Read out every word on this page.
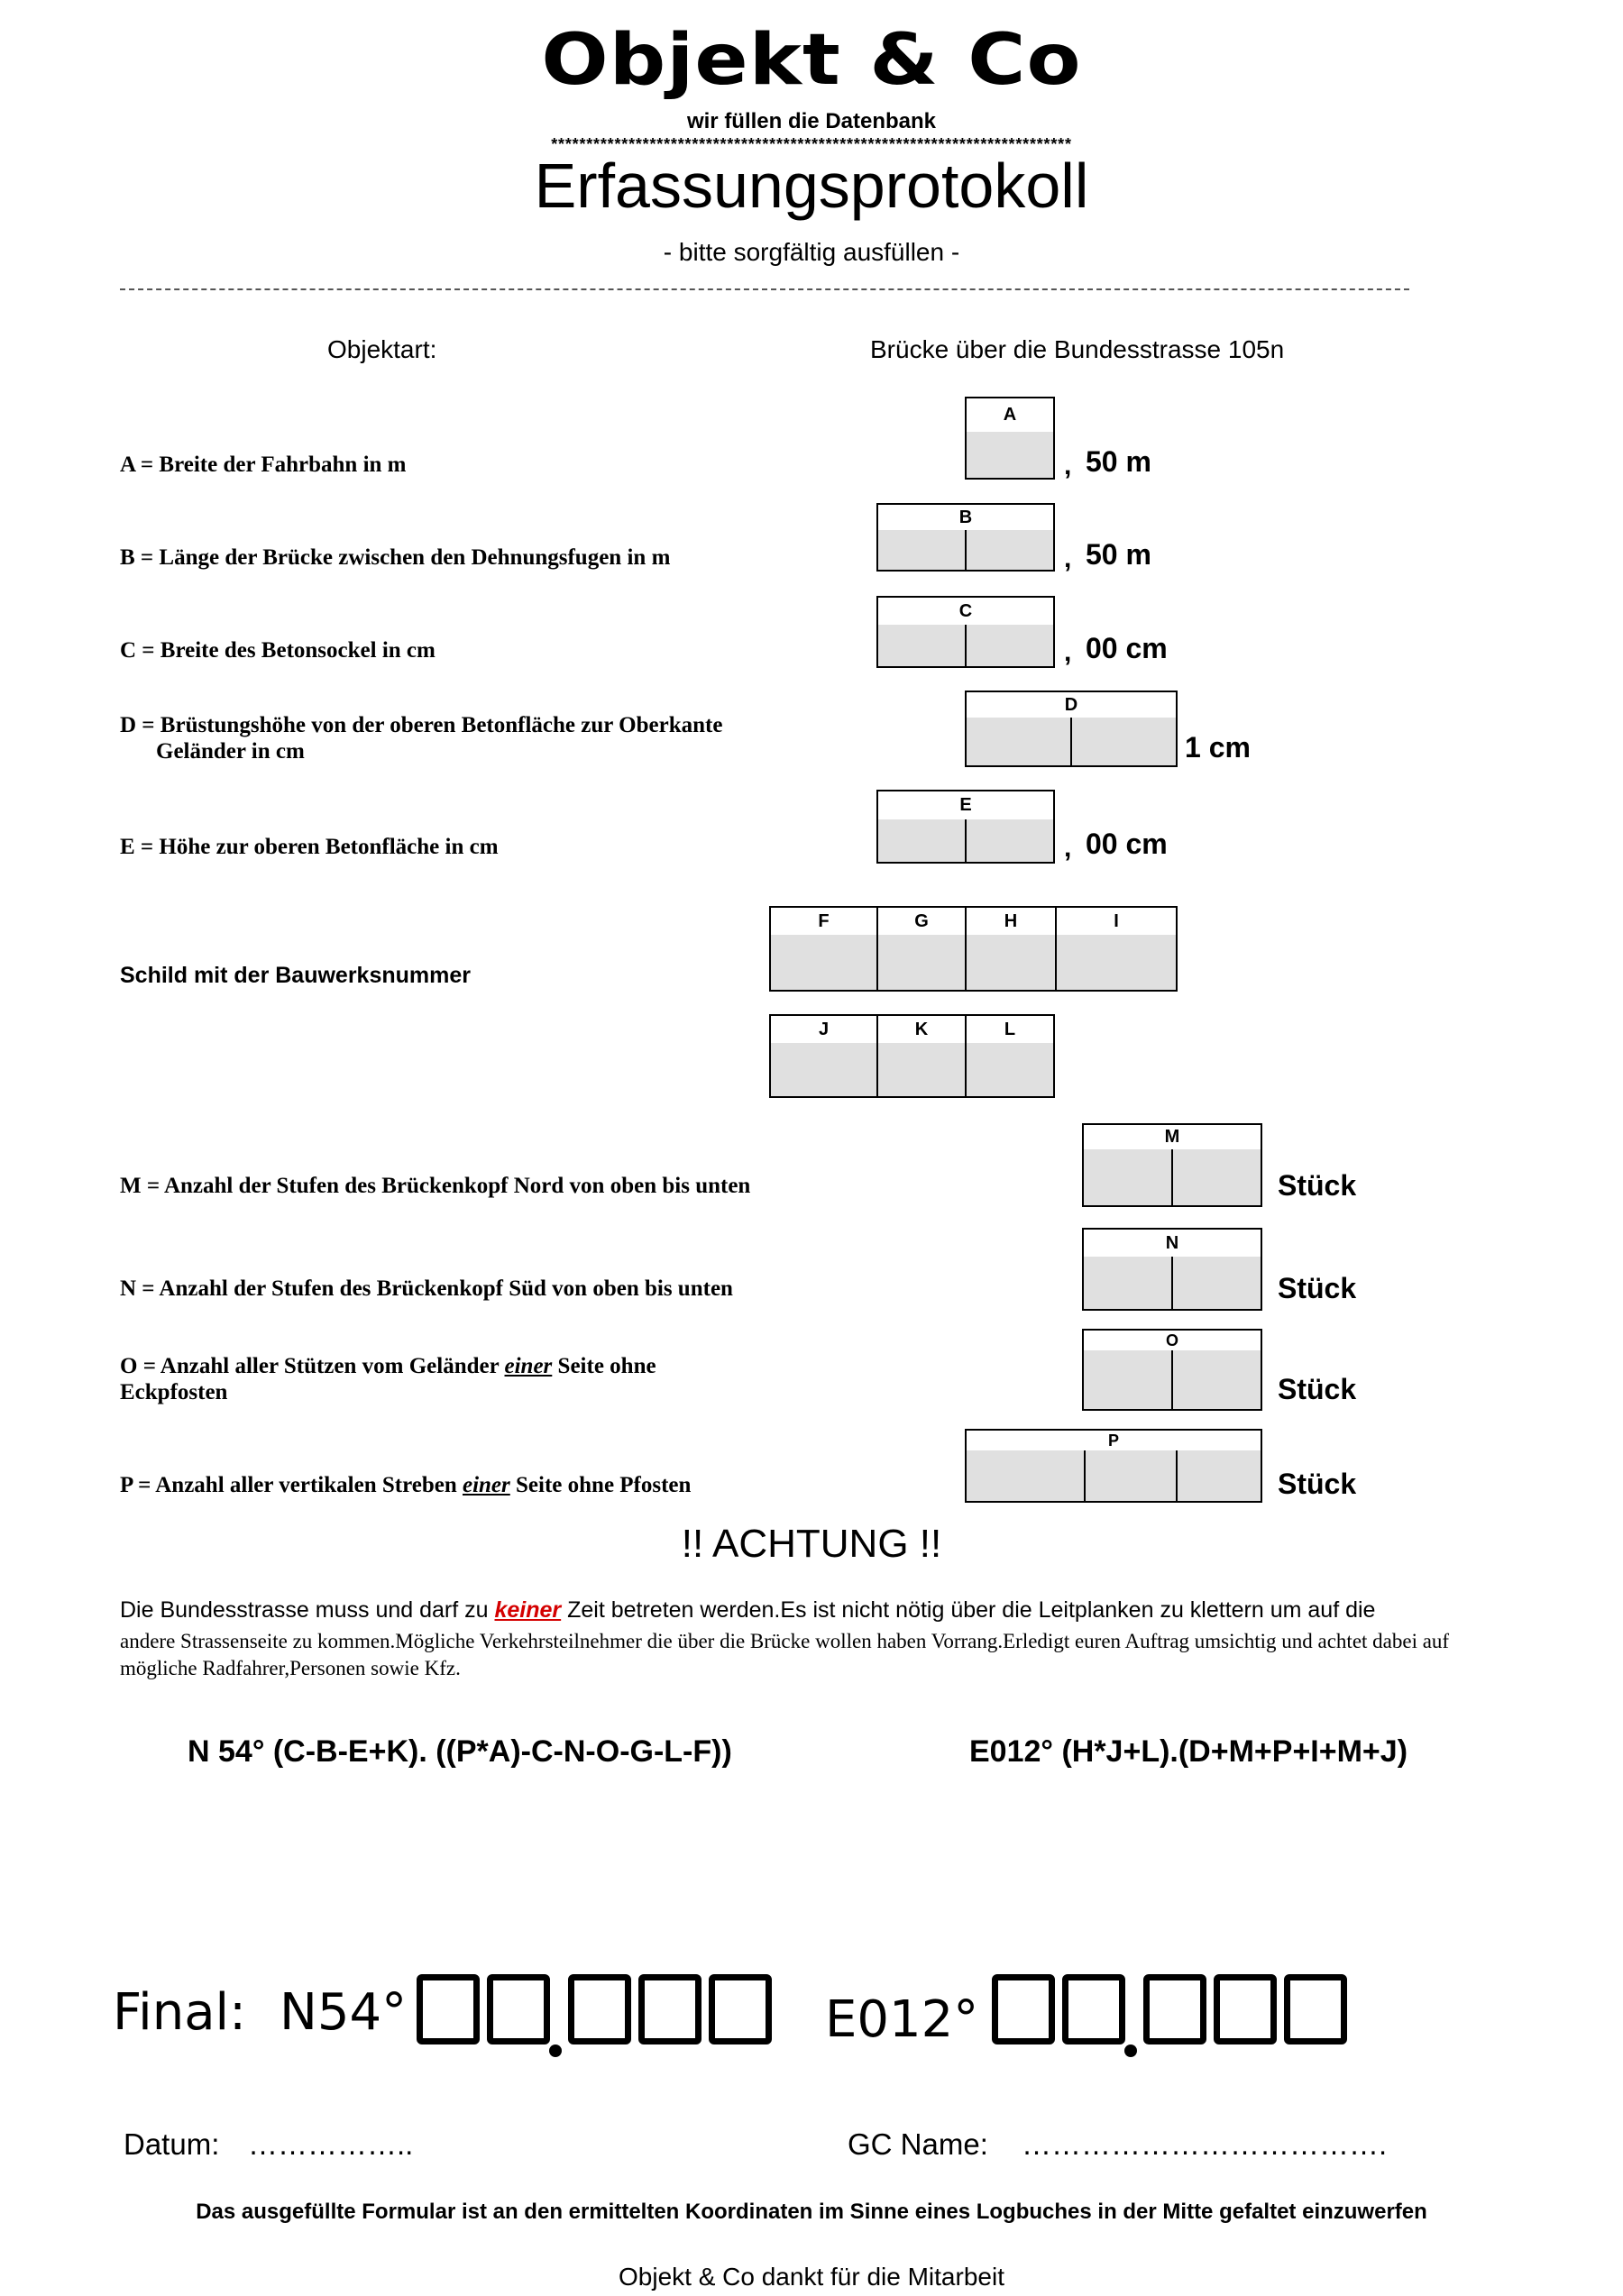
Objekt & Co
wir füllen die Datenbank
**************************************************************************
Erfassungsprotokoll
- bitte sorgfältig ausfüllen -
Objektart:	Brücke über die Bundesstrasse 105n
A = Breite der Fahrbahn in m
A
, 50 m
B = Länge der Brücke zwischen den Dehnungsfugen in m
B
, 50 m
C = Breite des Betonsockel in cm
C
, 00 cm
D = Brüstungshöhe von der oberen Betonfläche zur Oberkante
Geländer in cm
D
1 cm
E = Höhe zur oberen Betonfläche in cm
E
, 00 cm
Schild mit der Bauwerksnummer
F	G	H	I
J	K	L
M = Anzahl der Stufen des Brückenkopf Nord von oben bis unten
M
Stück
N = Anzahl der Stufen des Brückenkopf Süd von oben bis unten
N
Stück
O = Anzahl aller Stützen vom Geländer einer Seite ohne
Eckpfosten
O
Stück
P = Anzahl aller vertikalen Streben einer Seite ohne Pfosten
P
Stück
!! ACHTUNG !!
Die Bundesstrasse muss und darf zu keiner Zeit betreten werden.Es ist nicht nötig über die Leitplanken zu klettern um auf die
andere Strassenseite zu kommen.Mögliche Verkehrsteilnehmer die über die Brücke wollen haben Vorrang.Erledigt euren Auftrag umsichtig und achtet dabei auf mögliche Radfahrer,Personen sowie Kfz.
N 54° (C-B-E+K). ((P*A)-C-N-O-G-L-F))	E012° (H*J+L).(D+M+P+I+M+J)
Final: N54°	E012°
Datum: ……………..	GC Name: ……………………………….
Das ausgefüllte Formular ist an den ermittelten Koordinaten im Sinne eines Logbuches in der Mitte gefaltet einzuwerfen
Objekt & Co dankt für die Mitarbeit
